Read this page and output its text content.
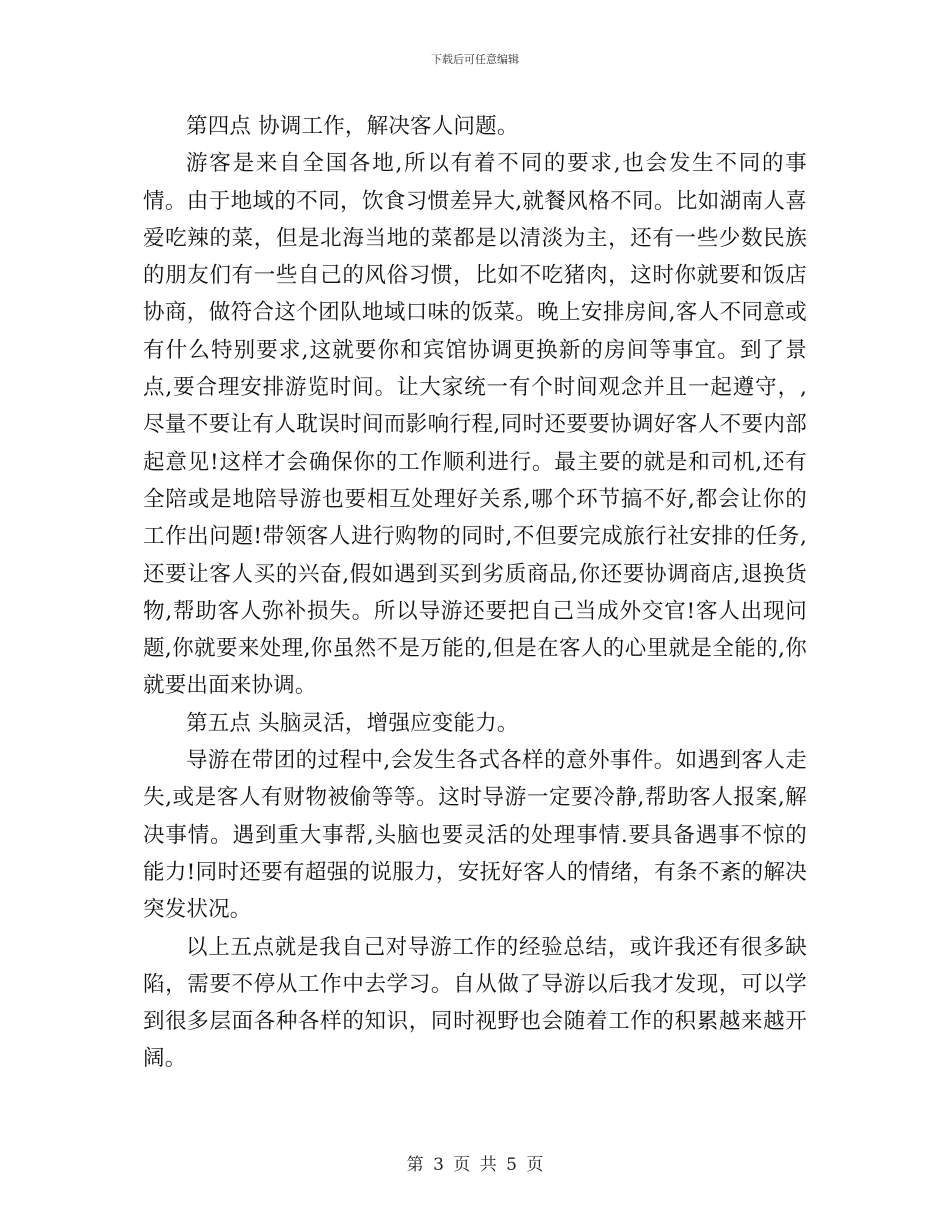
下载后可任意编辑

第四点 协调工作，解决客人问题。

游客是来自全国各地,所以有着不同的要求,也会发生不同的事情。由于地域的不同，饮食习惯差异大,就餐风格不同。比如湖南人喜爱吃辣的菜，但是北海当地的菜都是以清淡为主，还有一些少数民族的朋友们有一些自己的风俗习惯，比如不吃猪肉，这时你就要和饭店协商，做符合这个团队地域口味的饭菜。晚上安排房间,客人不同意或有什么特别要求,这就要你和宾馆协调更换新的房间等事宜。到了景点,要合理安排游览时间。让大家统一有个时间观念并且一起遵守，,尽量不要让有人耽误时间而影响行程,同时还要要协调好客人不要内部起意见!这样才会确保你的工作顺利进行。最主要的就是和司机,还有全陪或是地陪导游也要相互处理好关系,哪个环节搞不好,都会让你的工作出问题!带领客人进行购物的同时,不但要完成旅行社安排的任务,还要让客人买的兴奋,假如遇到买到劣质商品,你还要协调商店,退换货物,帮助客人弥补损失。所以导游还要把自己当成外交官!客人出现问题,你就要来处理,你虽然不是万能的,但是在客人的心里就是全能的,你就要出面来协调。

第五点 头脑灵活，增强应变能力。

导游在带团的过程中,会发生各式各样的意外事件。如遇到客人走失,或是客人有财物被偷等等。这时导游一定要冷静,帮助客人报案,解决事情。遇到重大事帮,头脑也要灵活的处理事情.要具备遇事不惊的能力!同时还要有超强的说服力，安抚好客人的情绪，有条不紊的解决突发状况。

以上五点就是我自己对导游工作的经验总结，或许我还有很多缺陷，需要不停从工作中去学习。自从做了导游以后我才发现，可以学到很多层面各种各样的知识，同时视野也会随着工作的积累越来越开阔。

第 3 页 共 5 页
